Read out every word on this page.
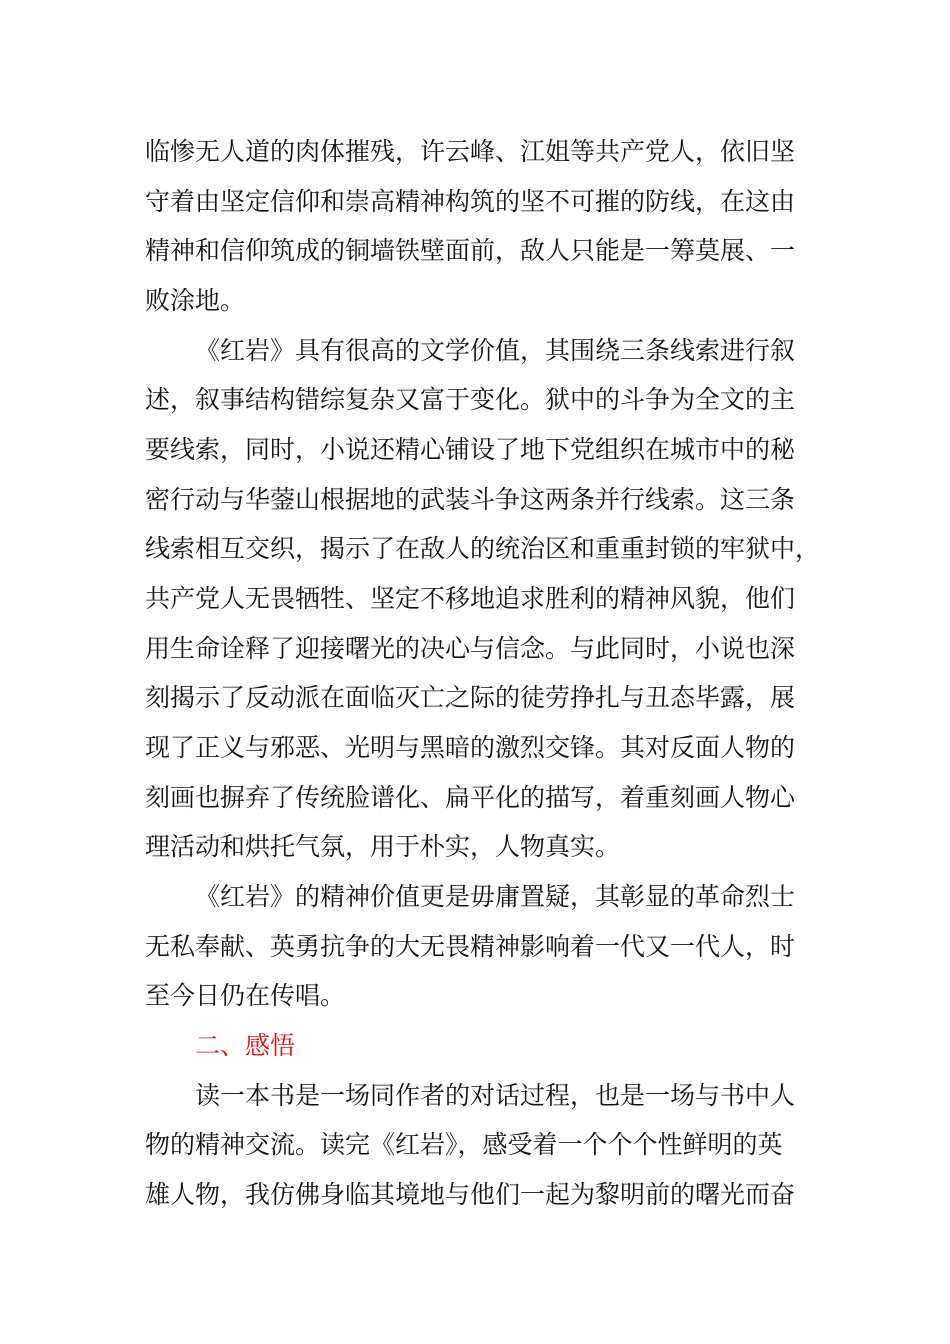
临惨无人道的肉体摧残，许云峰、江姐等共产党人，依旧坚
守着由坚定信仰和崇高精神构筑的坚不可摧的防线，在这由
精神和信仰筑成的铜墙铁壁面前，敌人只能是一筹莫展、一
败涂地。
《红岩》具有很高的文学价值，其围绕三条线索进行叙
述，叙事结构错综复杂又富于变化。狱中的斗争为全文的主
要线索，同时，小说还精心铺设了地下党组织在城市中的秘
密行动与华蓥山根据地的武装斗争这两条并行线索。这三条
线索相互交织，揭示了在敌人的统治区和重重封锁的牢狱中，
共产党人无畏牺牲、坚定不移地追求胜利的精神风貌，他们
用生命诠释了迎接曙光的决心与信念。与此同时，小说也深
刻揭示了反动派在面临灭亡之际的徒劳挣扎与丑态毕露，展
现了正义与邪恶、光明与黑暗的激烈交锋。其对反面人物的
刻画也摒弃了传统脸谱化、扁平化的描写，着重刻画人物心
理活动和烘托气氛，用于朴实，人物真实。
《红岩》的精神价值更是毋庸置疑，其彰显的革命烈士
无私奉献、英勇抗争的大无畏精神影响着一代又一代人，时
至今日仍在传唱。
二、感悟
读一本书是一场同作者的对话过程，也是一场与书中人
物的精神交流。读完《红岩》，感受着一个个个性鲜明的英
雄人物，我仿佛身临其境地与他们一起为黎明前的曙光而奋
